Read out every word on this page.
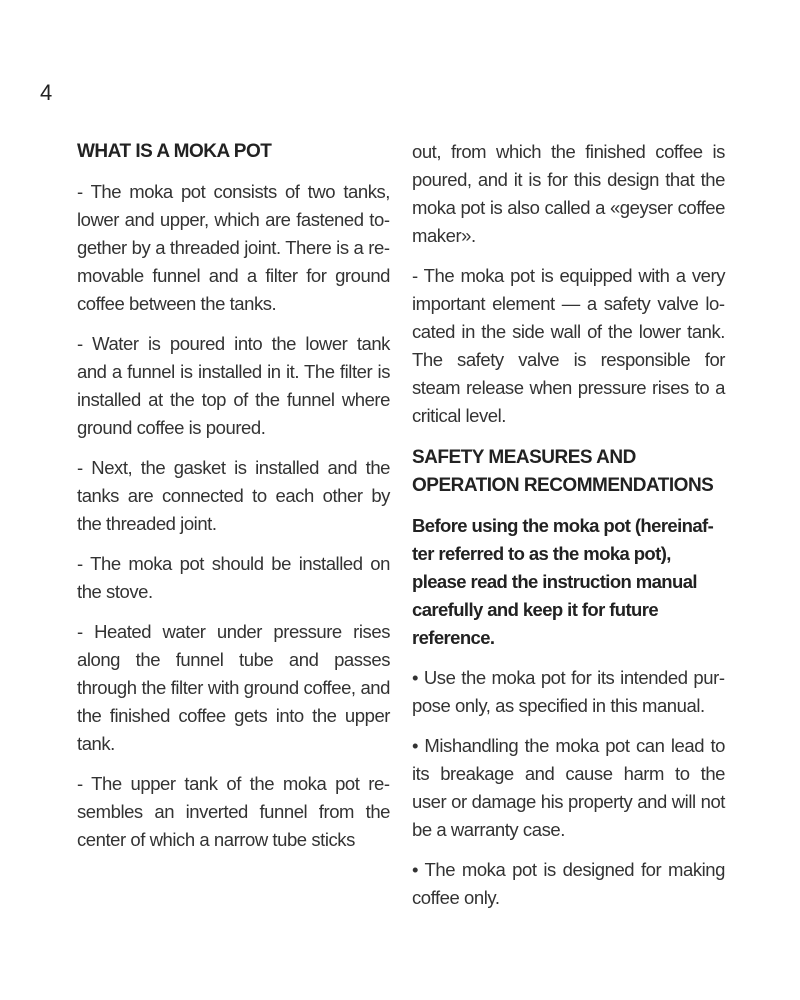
4
WHAT IS A MOKA POT

- The moka pot consists of two tanks, lower and upper, which are fastened together by a threaded joint. There is a removable funnel and a filter for ground coffee between the tanks.

- Water is poured into the lower tank and a funnel is installed in it. The filter is installed at the top of the funnel where ground coffee is poured.

- Next, the gasket is installed and the tanks are connected to each other by the threaded joint.

- The moka pot should be installed on the stove.

- Heated water under pressure rises along the funnel tube and passes through the filter with ground coffee, and the finished coffee gets into the upper tank.

- The upper tank of the moka pot resembles an inverted funnel from the center of which a narrow tube sticks

out, from which the finished coffee is poured, and it is for this design that the moka pot is also called a «geyser coffee maker».

- The moka pot is equipped with a very important element — a safety valve located in the side wall of the lower tank. The safety valve is responsible for steam release when pressure rises to a critical level.

SAFETY MEASURES AND OPERATION RECOMMENDATIONS

Before using the moka pot (hereinafter referred to as the moka pot), please read the instruction manual carefully and keep it for future reference.

• Use the moka pot for its intended purpose only, as specified in this manual.

• Mishandling the moka pot can lead to its breakage and cause harm to the user or damage his property and will not be a warranty case.

• The moka pot is designed for making coffee only.
